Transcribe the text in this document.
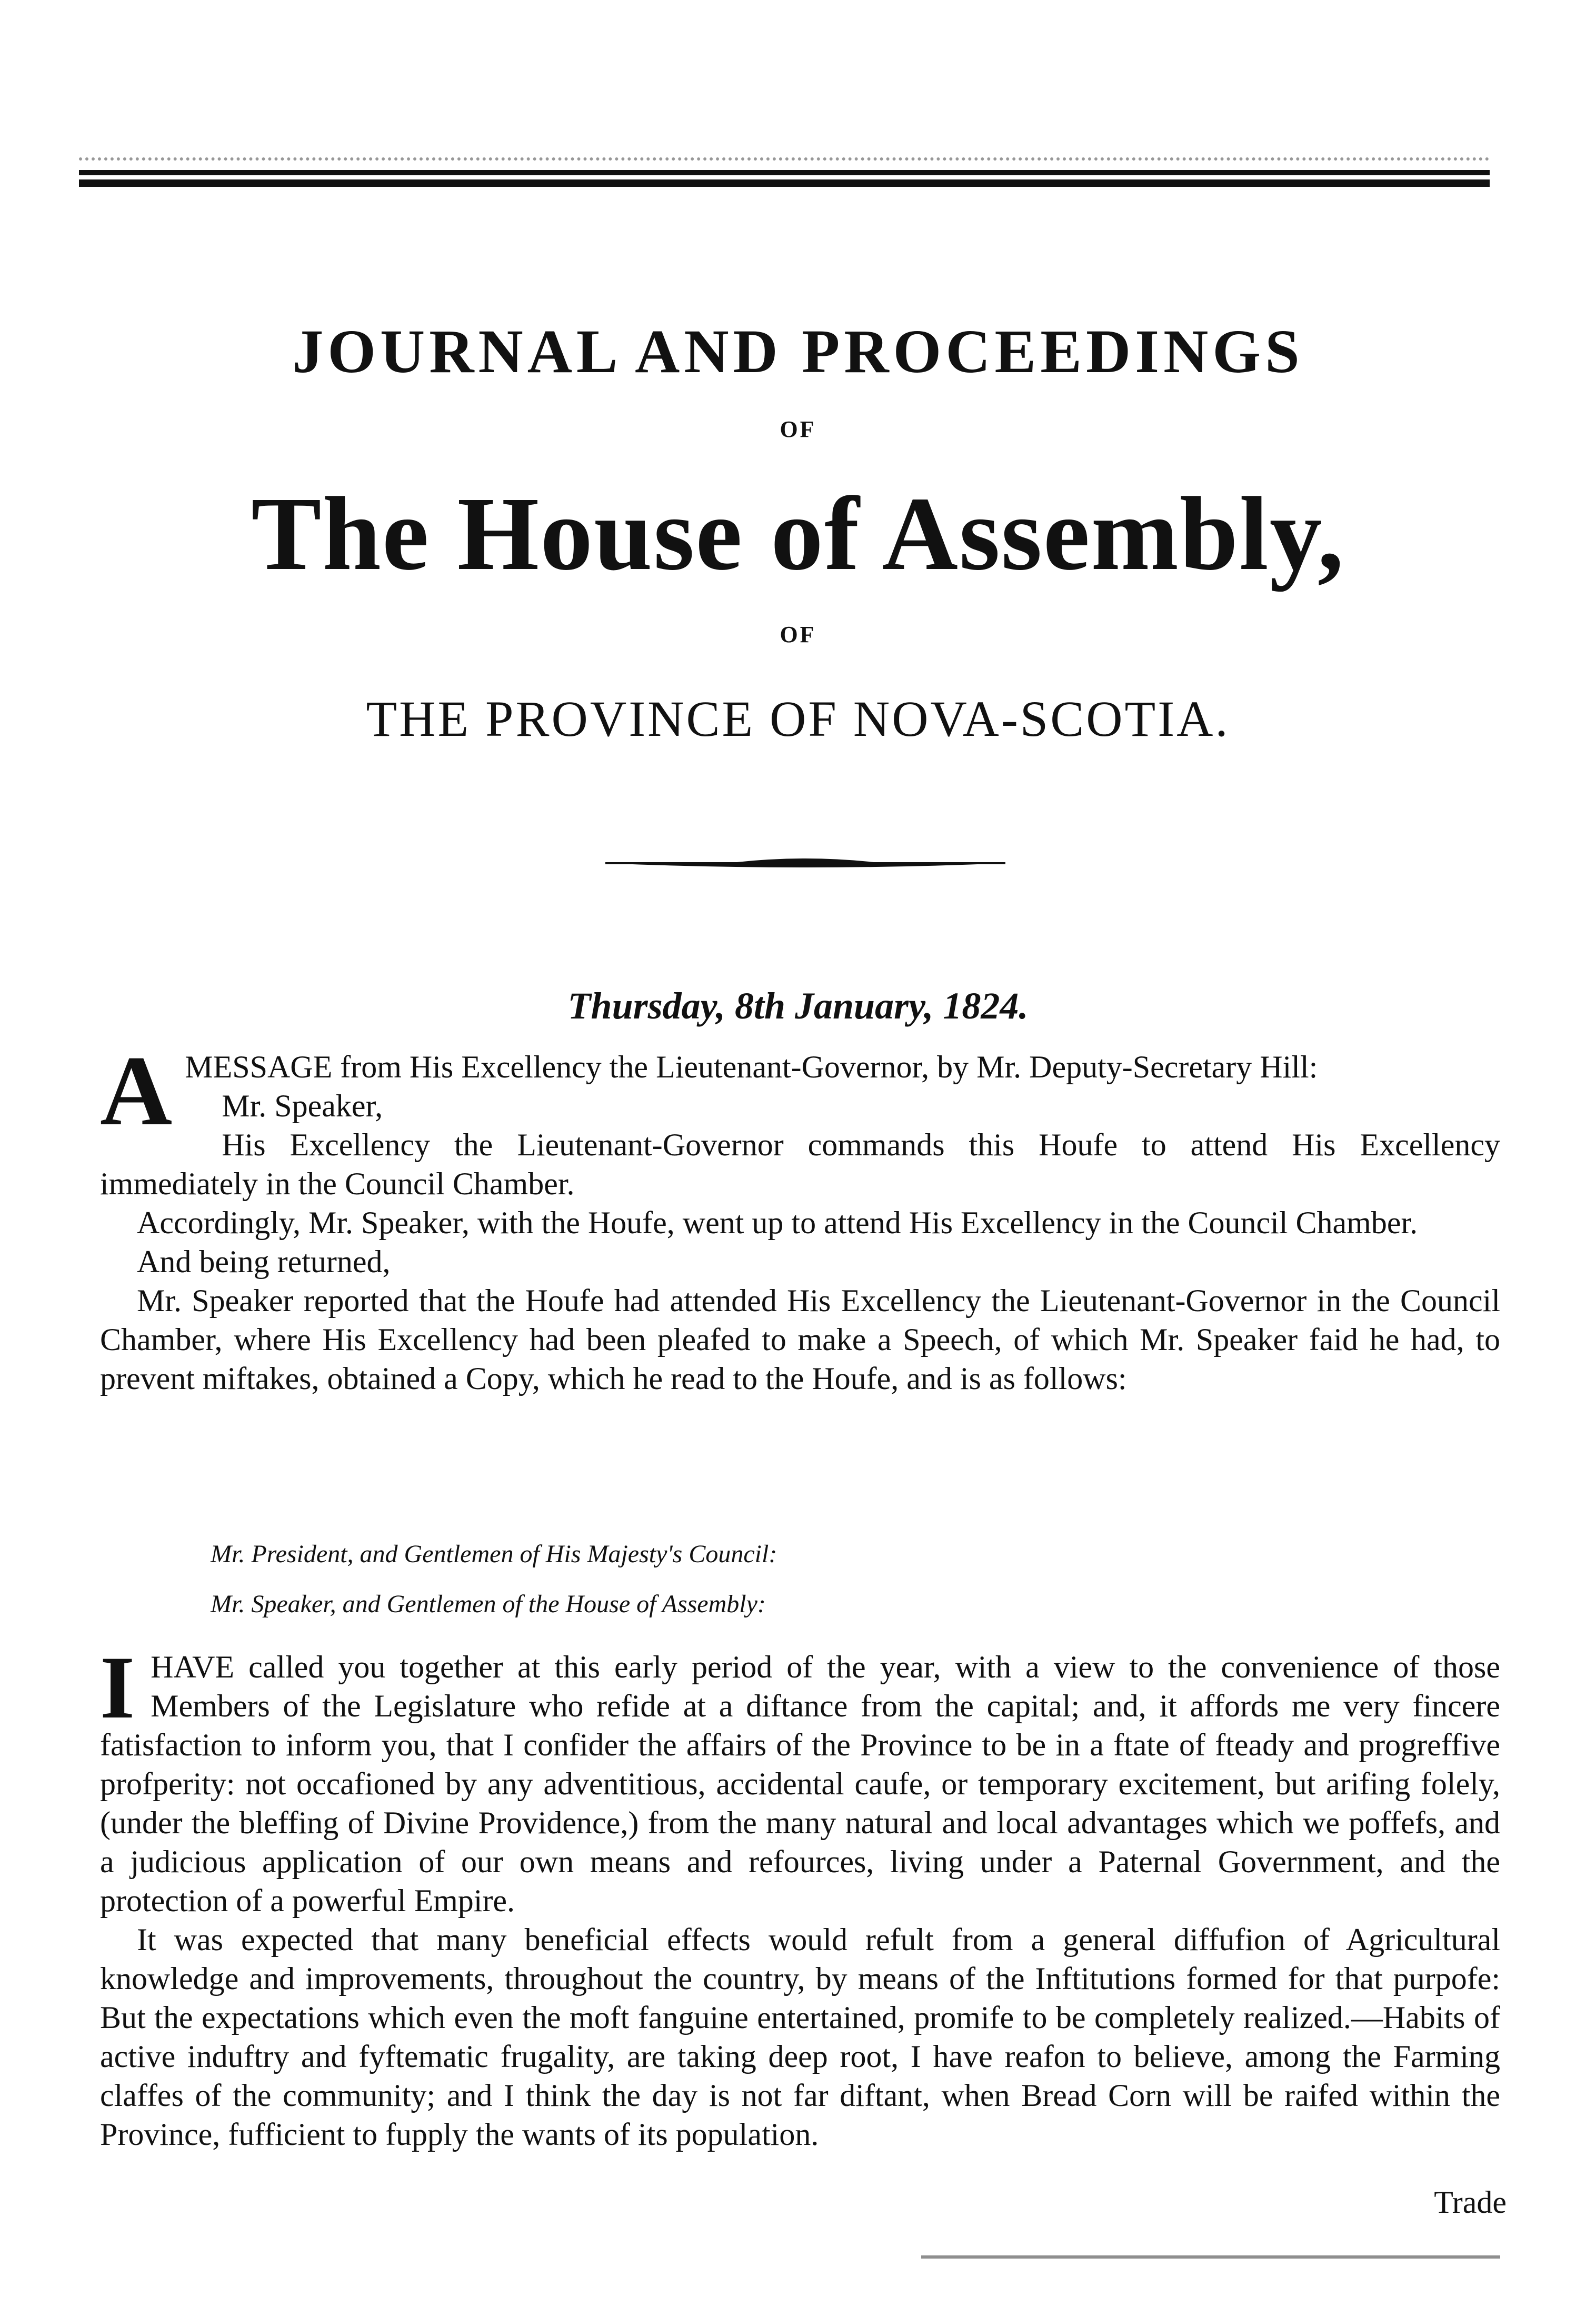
JOURNAL AND PROCEEDINGS
OF
The House of Assembly,
OF
THE PROVINCE OF NOVA-SCOTIA.
Thursday, 8th January, 1824.

A MESSAGE from His Excellency the Lieutenant-Governor, by Mr. Deputy-Secretary Hill:

Mr. Speaker,

His Excellency the Lieutenant-Governor commands this Houfe to attend His Excellency immediately in the Council Chamber.

Accordingly, Mr. Speaker, with the Houfe, went up to attend His Excellency in the Council Chamber.

And being returned,

Mr. Speaker reported that the Houfe had attended His Excellency the Lieutenant-Governor in the Council Chamber, where His Excellency had been pleafed to make a Speech, of which Mr. Speaker faid he had, to prevent miftakes, obtained a Copy, which he read to the Houfe, and is as follows:

Mr. President, and Gentlemen of His Majesty's Council:
Mr. Speaker, and Gentlemen of the House of Assembly:

I HAVE called you together at this early period of the year, with a view to the convenience of those Members of the Legislature who refide at a diftance from the capital; and, it affords me very fincere fatisfaction to inform you, that I confider the affairs of the Province to be in a ftate of fteady and progreffive profperity: not occafioned by any adventitious, accidental caufe, or temporary excitement, but arifing folely, (under the bleffing of Divine Providence,) from the many natural and local advantages which we poffefs, and a judicious application of our own means and refources, living under a Paternal Government, and the protection of a powerful Empire.

It was expected that many beneficial effects would refult from a general diffufion of Agricultural knowledge and improvements, throughout the country, by means of the Inftitutions formed for that purpofe: But the expectations which even the moft fanguine entertained, promife to be completely realized.—Habits of active induftry and fyftematic frugality, are taking deep root, I have reafon to believe, among the Farming claffes of the community; and I think the day is not far diftant, when Bread Corn will be raifed within the Province, fufficient to fupply the wants of its population.

Trade
